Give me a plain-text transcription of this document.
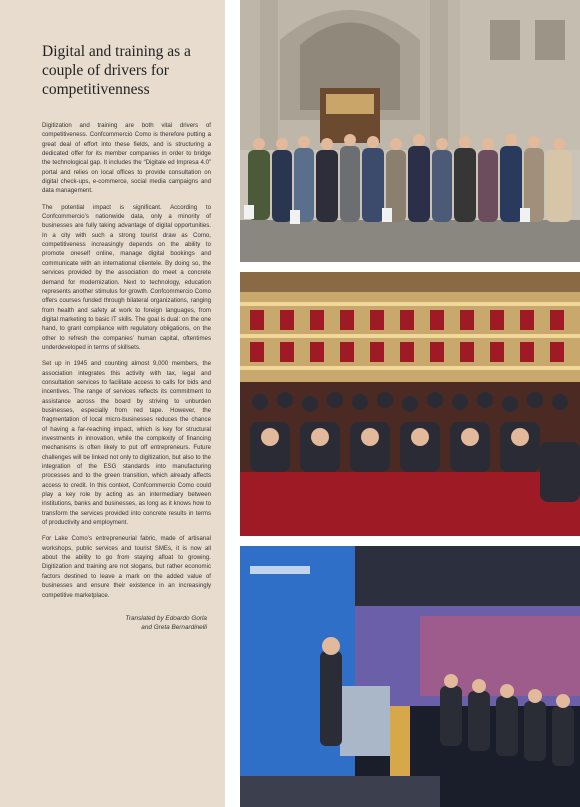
Digital and training as a
couple of drivers for
competitivenness

Digitization and training are both vital drivers of competitiveness. Confcommercio Como is therefore putting a great deal of effort into these fields, and is structuring a dedicated offer for its member companies in order to bridge the technological gap. It includes the “Digitale ed Impresa 4.0” portal and relies on local offices to provide consultation on digital check-ups, e-commerce, social media campaigns and data management.

The potential impact is significant. According to Confcommercio’s nationwide data, only a minority of businesses are fully taking advantage of digital opportunities. In a city with such a strong tourist draw as Como, competitiveness increasingly depends on the ability to promote oneself online, manage digital bookings and communicate with an international clientele. By doing so, the services provided by the association do meet a concrete demand for modernization. Next to technology, education represents another stimulus for growth. Confcommercio Como offers courses funded through bilateral organizations, ranging from health and safety at work to foreign languages, from digital marketing to basic IT skills. The goal is dual: on the one hand, to grant compliance with regulatory obligations, on the other to refresh the companies’ human capital, oftentimes underdeveloped in terms of skillsets.

Set up in 1945 and counting almost 9,000 members, the association integrates this activity with tax, legal and consultation services to facilitate access to calls for bids and incentives. The range of services reflects its commitment to assistance across the board by striving to unburden businesses, especially from red tape. However, the fragmentation of local micro-businesses reduces the chance of having a far-reaching impact, which is key for structural investments in innovation, while the complexity of financing mechanisms is often likely to put off entrepreneurs. Future challenges will be linked not only to digitization, but also to the integration of the ESG standards into manufacturing processes and to the green transition, which already affects access to credit. In this context, Confcommercio Como could play a key role by acting as an intermediary between institutions, banks and businesses, as long as it knows how to transform the services provided into concrete results in terms of productivity and employment.

For Lake Como’s entrepreneurial fabric, made of artisanal workshops, public services and tourist SMEs, it is now all about the ability to go from staying afloat to growing. Digitization and training are not slogans, but rather economic factors destined to leave a mark on the added value of businesses and ensure their existence in an increasingly competitive marketplace.

Translated by Edoardo Gorla
and Greta Bernardinelli
